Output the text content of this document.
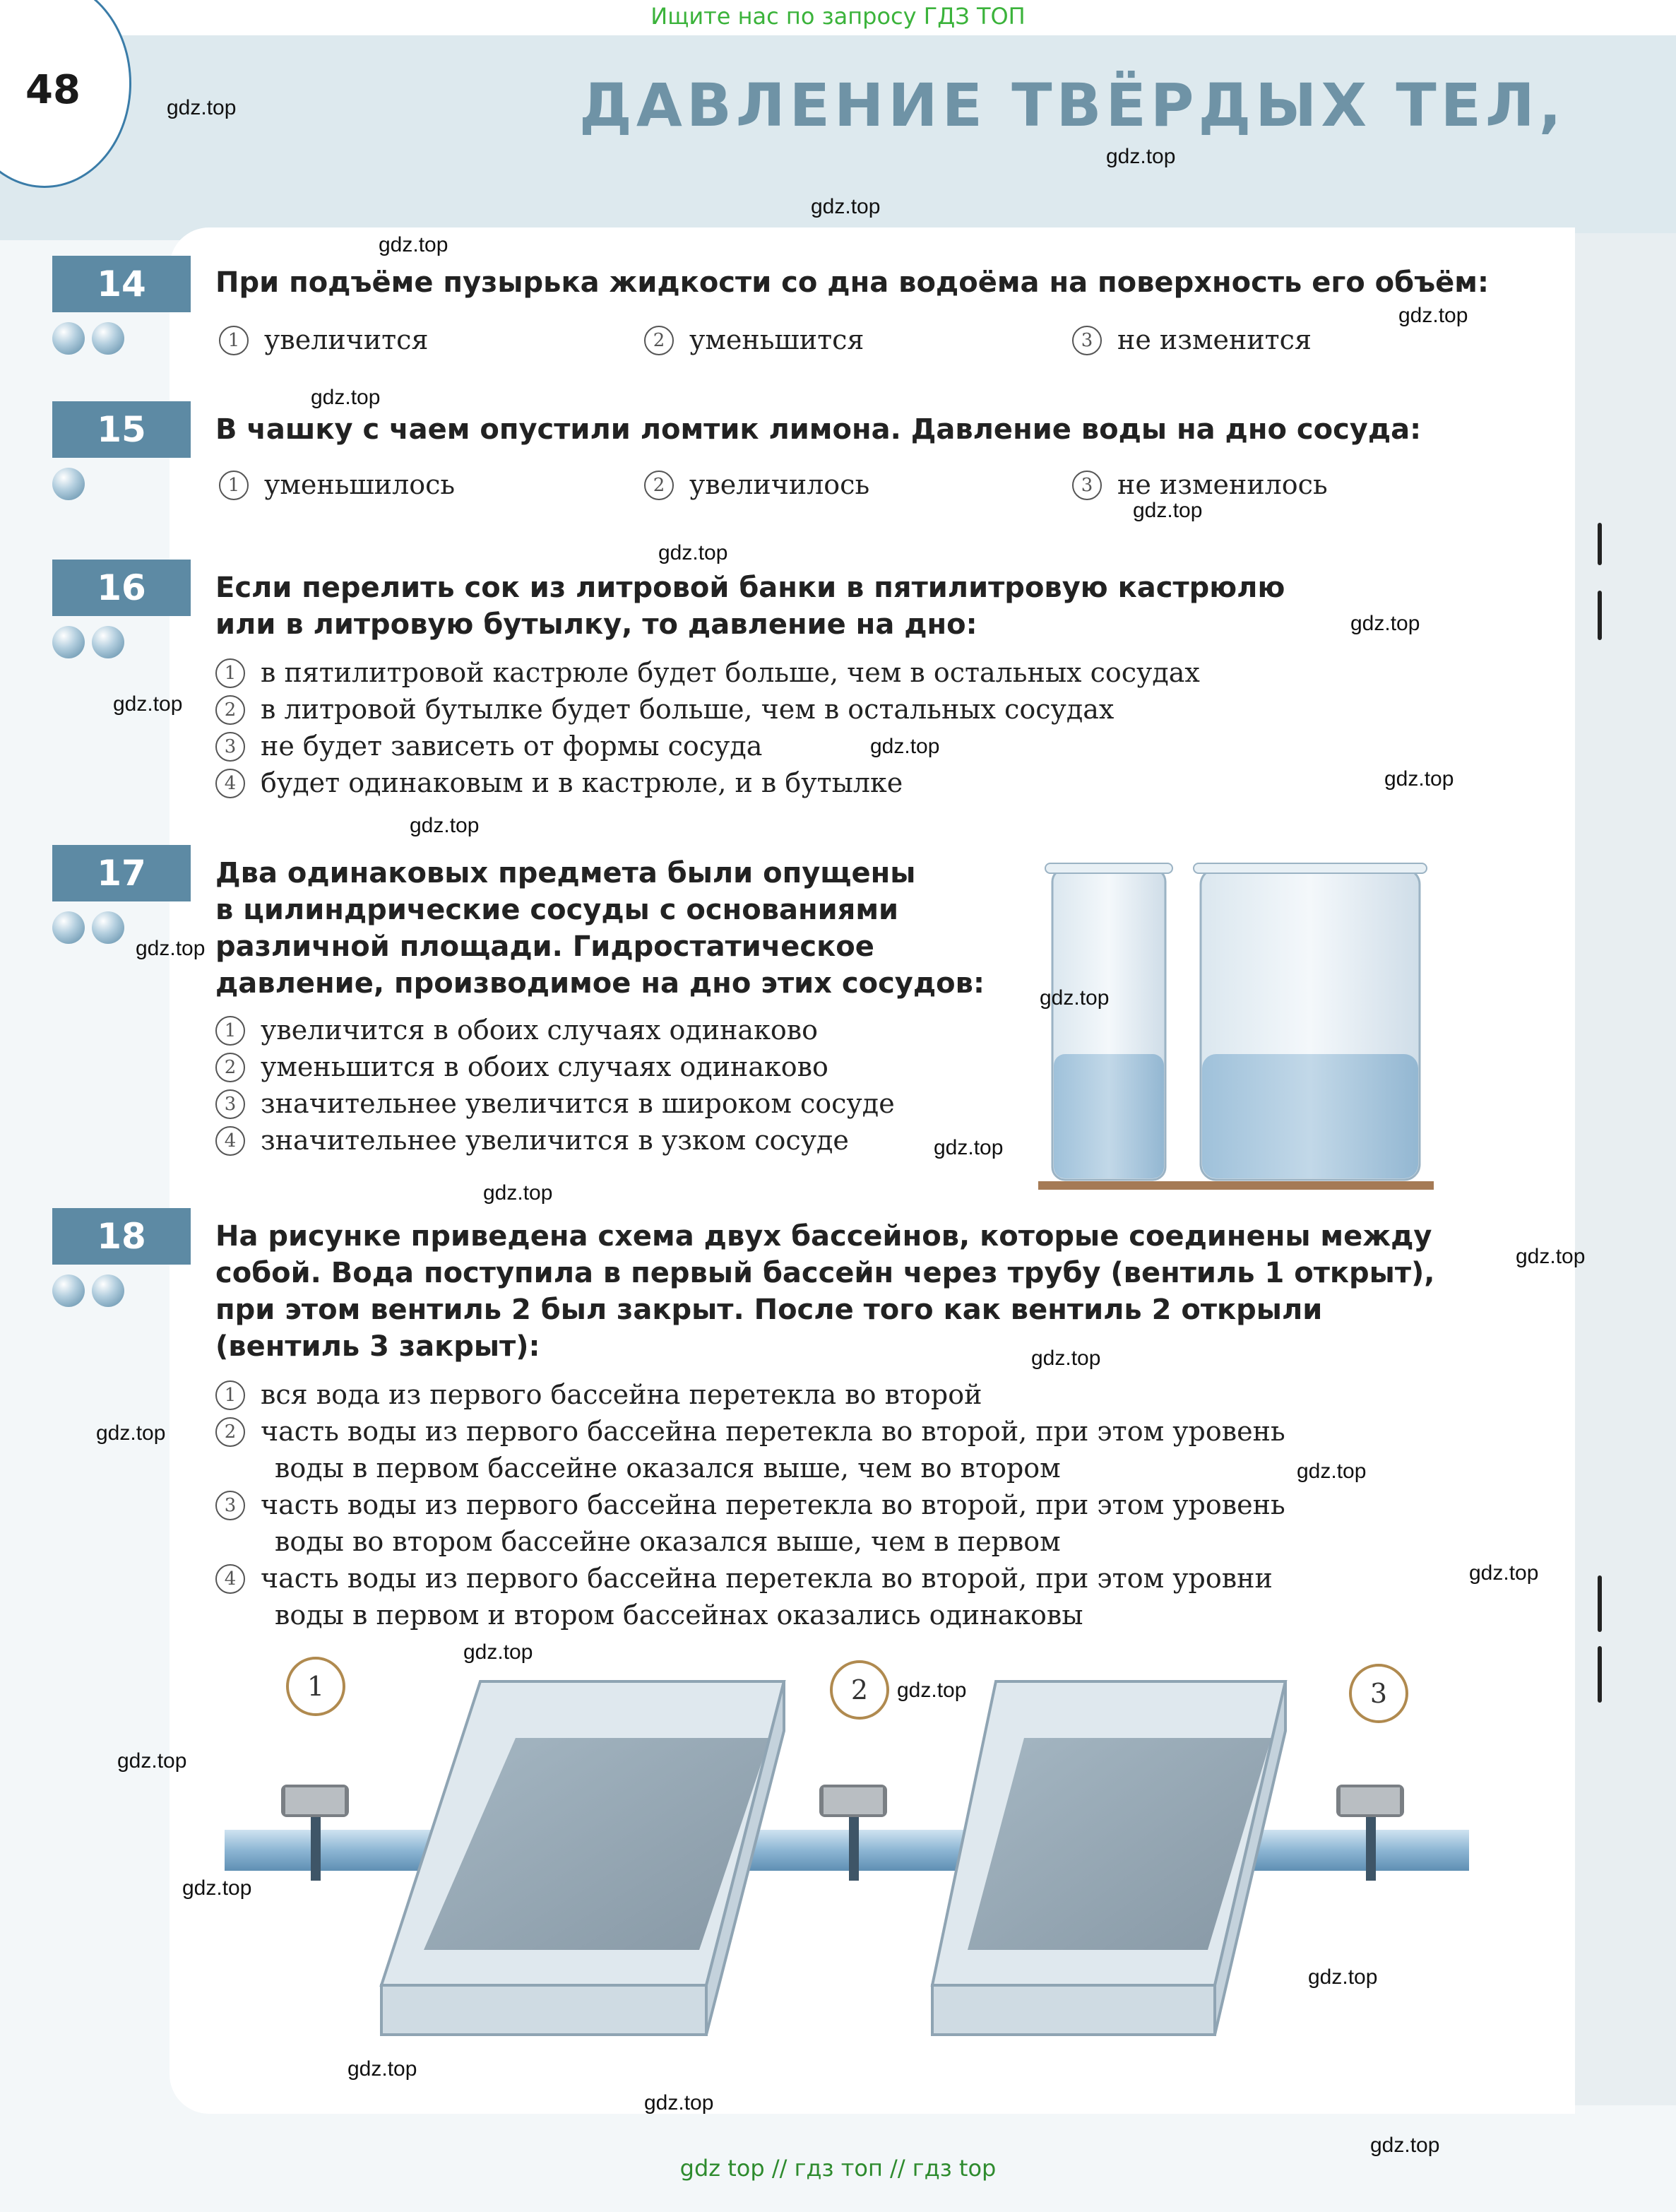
Ищите нас по запросу ГДЗ ТОП
48	ДАВЛЕНИЕ ТВЁРДЫХ ТЕЛ,
14	При подъёме пузырька жидкости со дна водоёма на поверхность его объём:
1 увеличится	2 уменьшится	3 не изменится
15	В чашку с чаем опустили ломтик лимона. Давление воды на дно сосуда:
1 уменьшилось	2 увеличилось	3 не изменилось
16	Если перелить сок из литровой банки в пятилитровую кастрюлю
или в литровую бутылку, то давление на дно:
1 в пятилитровой кастрюле будет больше, чем в остальных сосудах
2 в литровой бутылке будет больше, чем в остальных сосудах
3 не будет зависеть от формы сосуда
4 будет одинаковым и в кастрюле, и в бутылке
17	Два одинаковых предмета были опущены
в цилиндрические сосуды с основаниями
различной площади. Гидростатическое
давление, производимое на дно этих сосудов:
1 увеличится в обоих случаях одинаково
2 уменьшится в обоих случаях одинаково
3 значительнее увеличится в широком сосуде
4 значительнее увеличится в узком сосуде
18	На рисунке приведена схема двух бассейнов, которые соединены между
собой. Вода поступила в первый бассейн через трубу (вентиль 1 открыт),
при этом вентиль 2 был закрыт. После того как вентиль 2 открыли
(вентиль 3 закрыт):
1 вся вода из первого бассейна перетекла во второй
2 часть воды из первого бассейна перетекла во второй, при этом уровень
воды в первом бассейне оказался выше, чем во втором
3 часть воды из первого бассейна перетекла во второй, при этом уровень
воды во втором бассейне оказался выше, чем в первом
4 часть воды из первого бассейна перетекла во второй, при этом уровни
воды в первом и втором бассейнах оказались одинаковы
1	2	3
gdz.top
gdz.top
gdz.top
gdz.top
gdz.top
gdz.top
gdz.top
gdz.top
gdz.top
gdz.top
gdz.top
gdz.top
gdz.top
gdz.top
gdz.top
gdz.top
gdz.top
gdz.top
gdz.top
gdz.top
gdz.top
gdz.top
gdz.top
gdz.top
gdz.top
gdz.top
gdz.top
gdz.top
gdz.top
gdz.top
gdz top // гдз топ // гдз top
